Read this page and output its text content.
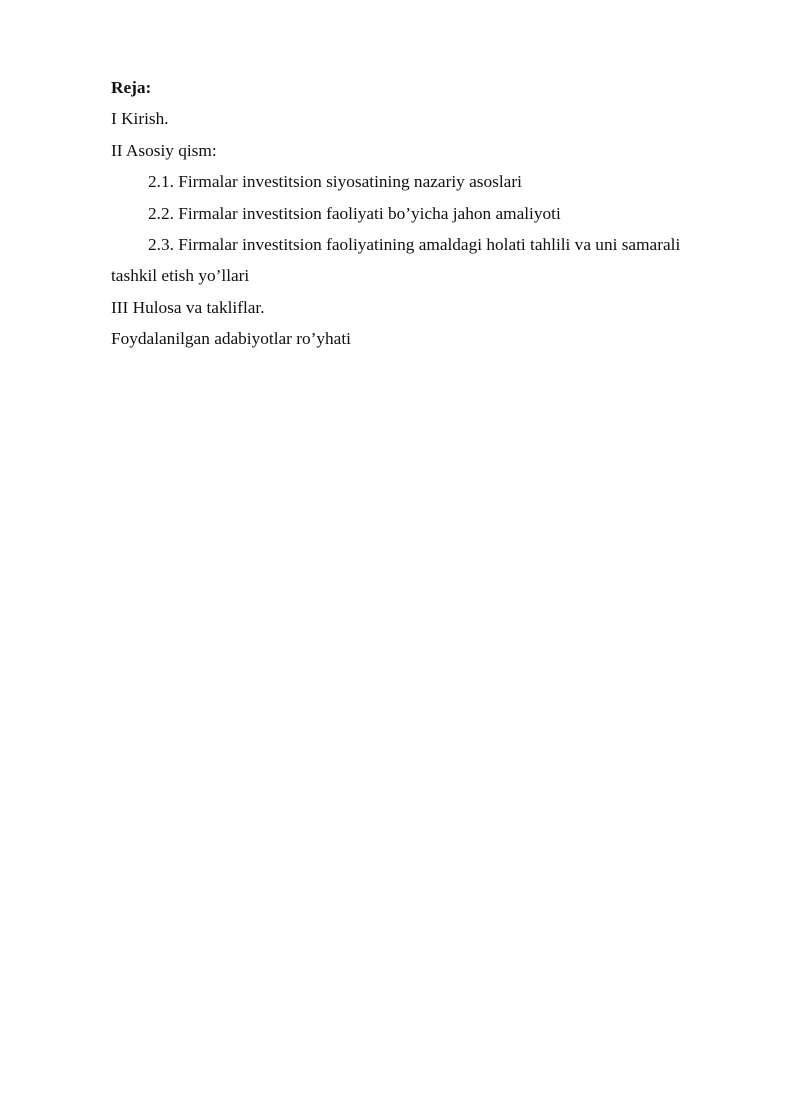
Reja:
I Kirish.
II Asosiy qism:
2.1. Firmalar investitsion siyosatining nazariy asoslari
2.2. Firmalar investitsion faoliyati bo’yicha jahon amaliyoti
2.3. Firmalar investitsion faoliyatining amaldagi holati tahlili va uni samarali
tashkil etish yo’llari
III Hulosa va takliflar.
Foydalanilgan adabiyotlar ro’yhati
